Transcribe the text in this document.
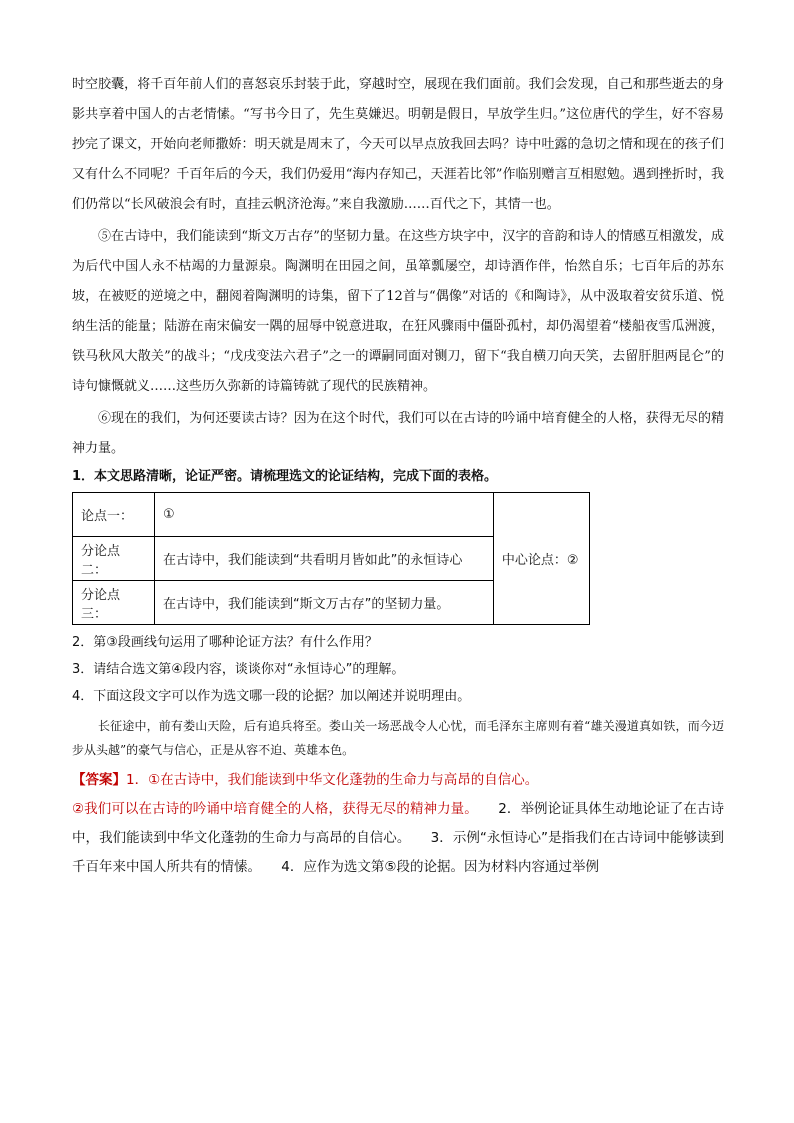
时空胶囊，将千百年前人们的喜怒哀乐封装于此，穿越时空，展现在我们面前。我们会发现，自己和那些逝去的身影共享着中国人的古老情愫。“写书今日了，先生莫嫌迟。明朝是假日，早放学生归。”这位唐代的学生，好不容易抄完了课文，开始向老师撒娇：明天就是周末了，今天可以早点放我回去吗？诗中吐露的急切之情和现在的孩子们又有什么不同呢？千百年后的今天，我们仍爱用“海内存知己，天涯若比邻”作临别赠言互相慰勉。遇到挫折时，我们仍常以“长风破浪会有时，直挂云帆济沧海。”来自我激励……百代之下，其情一也。

⑤在古诗中，我们能读到“斯文万古存”的坚韧力量。在这些方块字中，汉字的音韵和诗人的情感互相激发，成为后代中国人永不枯竭的力量源泉。陶渊明在田园之间，虽箪瓢屡空，却诗酒作伴，怡然自乐；七百年后的苏东坡，在被贬的逆境之中，翻阅着陶渊明的诗集，留下了12首与“偶像”对话的《和陶诗》，从中汲取着安贫乐道、悦纳生活的能量；陆游在南宋偏安一隅的屈辱中锐意进取，在狂风骤雨中僵卧孤村，却仍渴望着“楼船夜雪瓜洲渡，铁马秋风大散关”的战斗；“戊戌变法六君子”之一的谭嗣同面对铡刀，留下“我自横刀向天笑，去留肝胆两昆仑”的诗句慷慨就义……这些历久弥新的诗篇铸就了现代的民族精神。

⑥现在的我们，为何还要读古诗？因为在这个时代，我们可以在古诗的吟诵中培育健全的人格，获得无尽的精神力量。

1．本文思路清晰，论证严密。请梳理选文的论证结构，完成下面的表格。

论点一：	①	中心论点：②
分论点二：	在古诗中，我们能读到“共看明月皆如此”的永恒诗心	
分论点三：	在古诗中，我们能读到“斯文万古存”的坚韧力量。	

2．第③段画线句运用了哪种论证方法？有什么作用？

3．请结合选文第④段内容，谈谈你对“永恒诗心”的理解。

4．下面这段文字可以作为选文哪一段的论据？加以阐述并说明理由。

长征途中，前有娄山天险，后有追兵将至。娄山关一场恶战令人心忧，而毛泽东主席则有着“雄关漫道真如铁，而今迈步从头越”的豪气与信心，正是从容不迫、英雄本色。

【答案】1．①在古诗中，我们能读到中华文化蓬勃的生命力与高昂的自信心。

②我们可以在古诗的吟诵中培育健全的人格，获得无尽的精神力量。　　2．举例论证具体生动地论证了在古诗中，我们能读到中华文化蓬勃的生命力与高昂的自信心。　　3．示例“永恒诗心”是指我们在古诗词中能够读到千百年来中国人所共有的情愫。　　4．应作为选文第⑤段的论据。因为材料内容通过举例
